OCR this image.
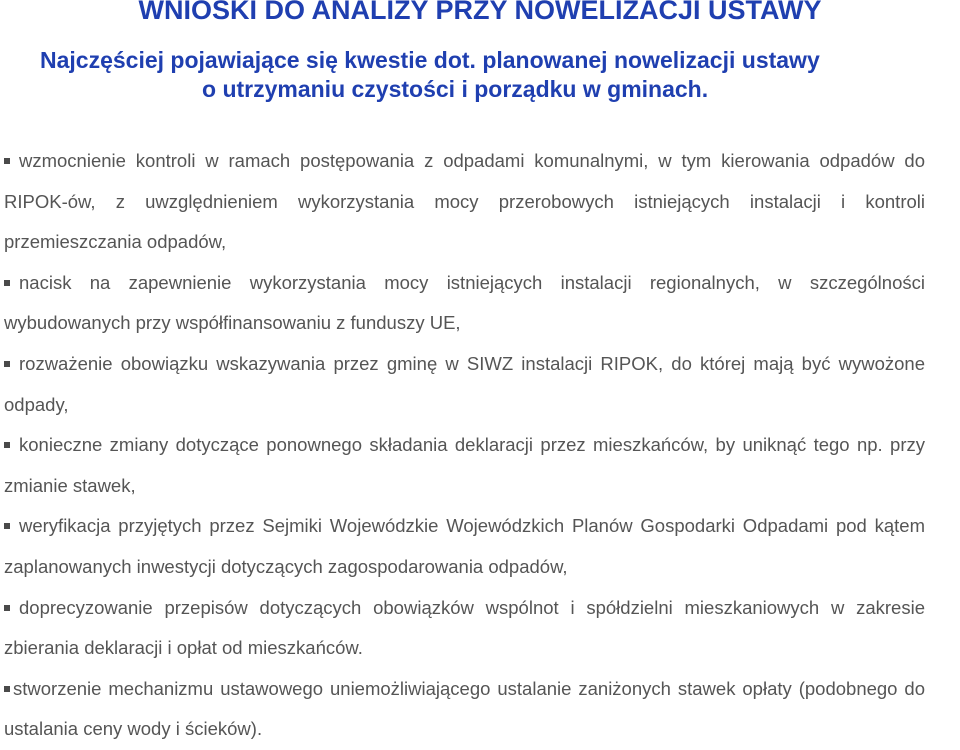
WNIOSKI DO ANALIZY PRZY NOWELIZACJI USTAWY
Najczęściej pojawiające się kwestie dot. planowanej nowelizacji ustawy
o utrzymaniu czystości i porządku w gminach.
wzmocnienie kontroli w ramach postępowania z odpadami komunalnymi, w tym kierowania odpadów do RIPOK-ów, z uwzględnieniem wykorzystania mocy przerobowych istniejących instalacji i kontroli przemieszczania odpadów,
nacisk na zapewnienie wykorzystania mocy istniejących instalacji regionalnych, w szczególności wybudowanych przy współfinansowaniu z funduszy UE,
rozważenie obowiązku wskazywania przez gminę w SIWZ instalacji RIPOK, do której mają być wywożone odpady,
konieczne zmiany dotyczące ponownego składania deklaracji przez mieszkańców, by uniknąć tego np. przy zmianie stawek,
weryfikacja przyjętych przez Sejmiki Wojewódzkie Wojewódzkich Planów Gospodarki Odpadami pod kątem zaplanowanych inwestycji dotyczących zagospodarowania odpadów,
doprecyzowanie przepisów dotyczących obowiązków wspólnot i spółdzielni mieszkaniowych w zakresie zbierania deklaracji i opłat od mieszkańców.
stworzenie mechanizmu ustawowego uniemożliwiającego ustalanie zaniżonych stawek opłaty (podobnego do ustalania ceny wody i ścieków).
